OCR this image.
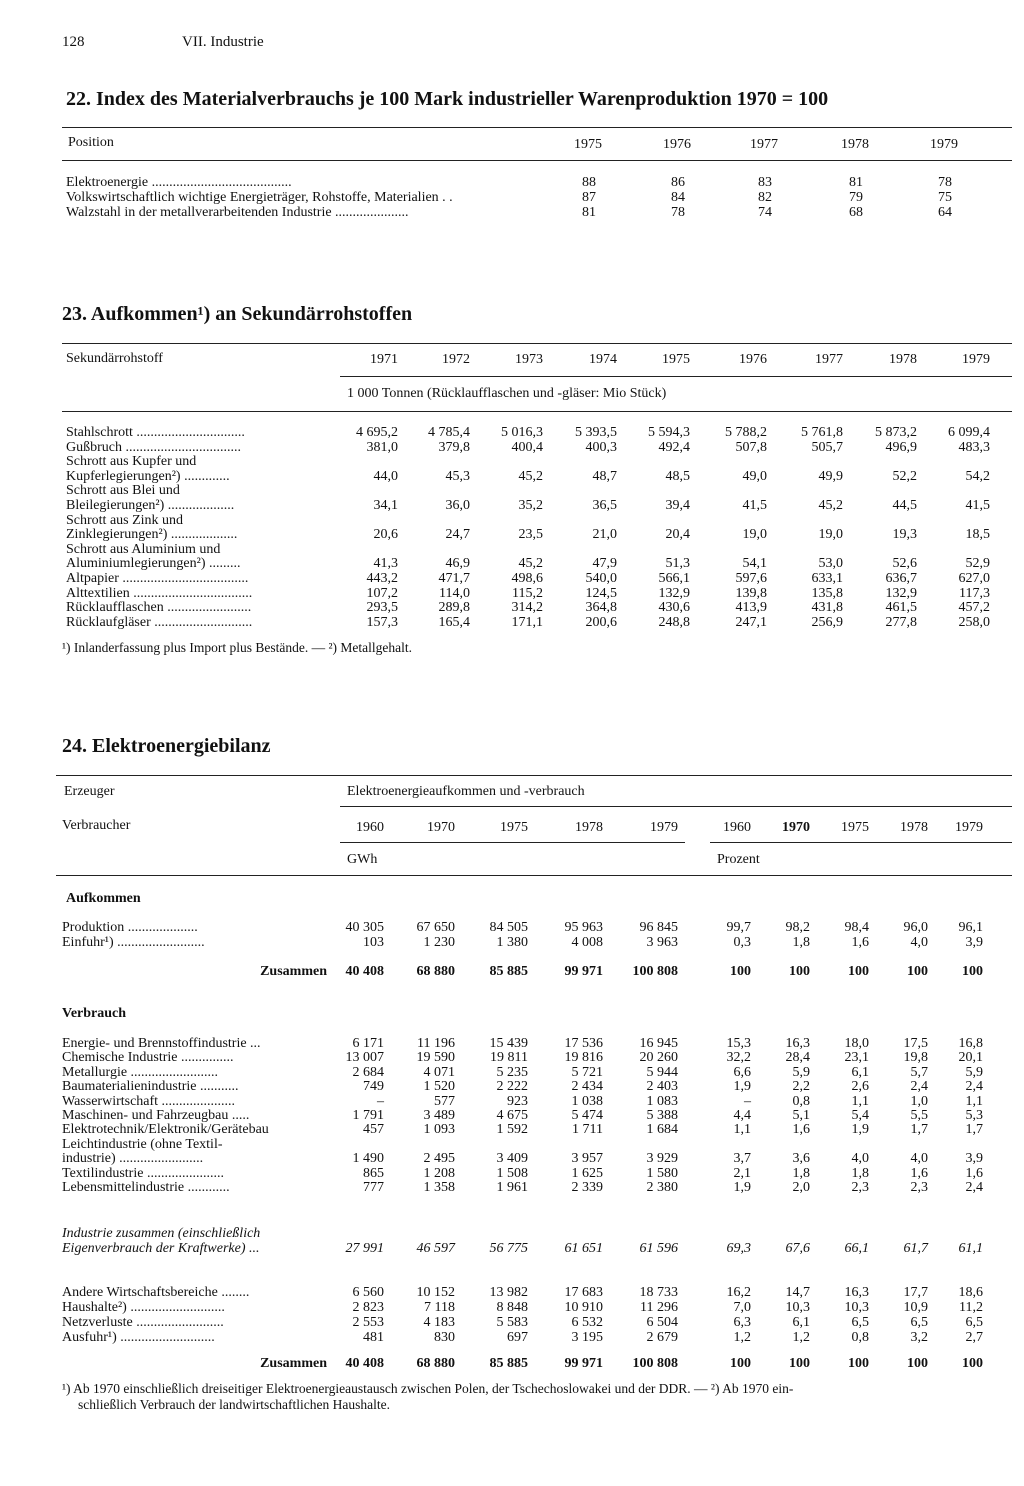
128	VII. Industrie
22. Index des Materialverbrauchs je 100 Mark industrieller Warenproduktion 1970 = 100
Position	1975	1976	1977	1978	1979
Elektroenergie ........................................	88	86	83	81	78
Volkswirtschaftlich wichtige Energieträger, Rohstoffe, Materialien . .	87	84	82	79	75
Walzstahl in der metallverarbeitenden Industrie .....................	81	78	74	68	64
23. Aufkommen¹) an Sekundärrohstoffen
Sekundärrohstoff	1971	1972	1973	1974	1975	1976	1977	1978	1979
1 000 Tonnen (Rücklaufflaschen und -gläser: Mio Stück)
Stahlschrott ...............................	4 695,2	4 785,4	5 016,3	5 393,5	5 594,3	5 788,2	5 761,8	5 873,2	6 099,4
Gußbruch .................................	381,0	379,8	400,4	400,3	492,4	507,8	505,7	496,9	483,3
Schrott aus Kupfer und
Kupferlegierungen²) .............	44,0	45,3	45,2	48,7	48,5	49,0	49,9	52,2	54,2
Schrott aus Blei und
Bleilegierungen²) ...................	34,1	36,0	35,2	36,5	39,4	41,5	45,2	44,5	41,5
Schrott aus Zink und
Zinklegierungen²) ...................	20,6	24,7	23,5	21,0	20,4	19,0	19,0	19,3	18,5
Schrott aus Aluminium und
Aluminiumlegierungen²) .........	41,3	46,9	45,2	47,9	51,3	54,1	53,0	52,6	52,9
Altpapier ....................................	443,2	471,7	498,6	540,0	566,1	597,6	633,1	636,7	627,0
Alttextilien ..................................	107,2	114,0	115,2	124,5	132,9	139,8	135,8	132,9	117,3
Rücklaufflaschen ........................	293,5	289,8	314,2	364,8	430,6	413,9	431,8	461,5	457,2
Rücklaufgläser ............................	157,3	165,4	171,1	200,6	248,8	247,1	256,9	277,8	258,0
¹) Inlanderfassung plus Import plus Bestände. — ²) Metallgehalt.
24. Elektroenergiebilanz
Erzeuger	Elektroenergieaufkommen und -verbrauch
Verbraucher	1960	1970	1975	1978	1979	1960	1970	1975	1978	1979
GWh	Prozent
Aufkommen
Produktion ....................	40 305	67 650	84 505	95 963	96 845	99,7	98,2	98,4	96,0	96,1
Einfuhr¹) .........................	103	1 230	1 380	4 008	3 963	0,3	1,8	1,6	4,0	3,9
Zusammen	40 408	68 880	85 885	99 971	100 808	100	100	100	100	100
Verbrauch
Energie- und Brennstoffindustrie ...	6 171	11 196	15 439	17 536	16 945	15,3	16,3	18,0	17,5	16,8
Chemische Industrie ...............	13 007	19 590	19 811	19 816	20 260	32,2	28,4	23,1	19,8	20,1
Metallurgie .........................	2 684	4 071	5 235	5 721	5 944	6,6	5,9	6,1	5,7	5,9
Baumaterialienindustrie ...........	749	1 520	2 222	2 434	2 403	1,9	2,2	2,6	2,4	2,4
Wasserwirtschaft .....................	–	577	923	1 038	1 083	–	0,8	1,1	1,0	1,1
Maschinen- und Fahrzeugbau .....	1 791	3 489	4 675	5 474	5 388	4,4	5,1	5,4	5,5	5,3
Elektrotechnik/Elektronik/Gerätebau	457	1 093	1 592	1 711	1 684	1,1	1,6	1,9	1,7	1,7
Leichtindustrie (ohne Textil-
industrie) ........................	1 490	2 495	3 409	3 957	3 929	3,7	3,6	4,0	4,0	3,9
Textilindustrie ......................	865	1 208	1 508	1 625	1 580	2,1	1,8	1,8	1,6	1,6
Lebensmittelindustrie ............	777	1 358	1 961	2 339	2 380	1,9	2,0	2,3	2,3	2,4
Industrie zusammen (einschließlich
Eigenverbrauch der Kraftwerke) ...	27 991	46 597	56 775	61 651	61 596	69,3	67,6	66,1	61,7	61,1
Andere Wirtschaftsbereiche ........	6 560	10 152	13 982	17 683	18 733	16,2	14,7	16,3	17,7	18,6
Haushalte²) ...........................	2 823	7 118	8 848	10 910	11 296	7,0	10,3	10,3	10,9	11,2
Netzverluste .........................	2 553	4 183	5 583	6 532	6 504	6,3	6,1	6,5	6,5	6,5
Ausfuhr¹) ...........................	481	830	697	3 195	2 679	1,2	1,2	0,8	3,2	2,7
Zusammen	40 408	68 880	85 885	99 971	100 808	100	100	100	100	100
¹) Ab 1970 einschließlich dreiseitiger Elektroenergieaustausch zwischen Polen, der Tschechoslowakei und der DDR. — ²) Ab 1970 ein-
schließlich Verbrauch der landwirtschaftlichen Haushalte.
